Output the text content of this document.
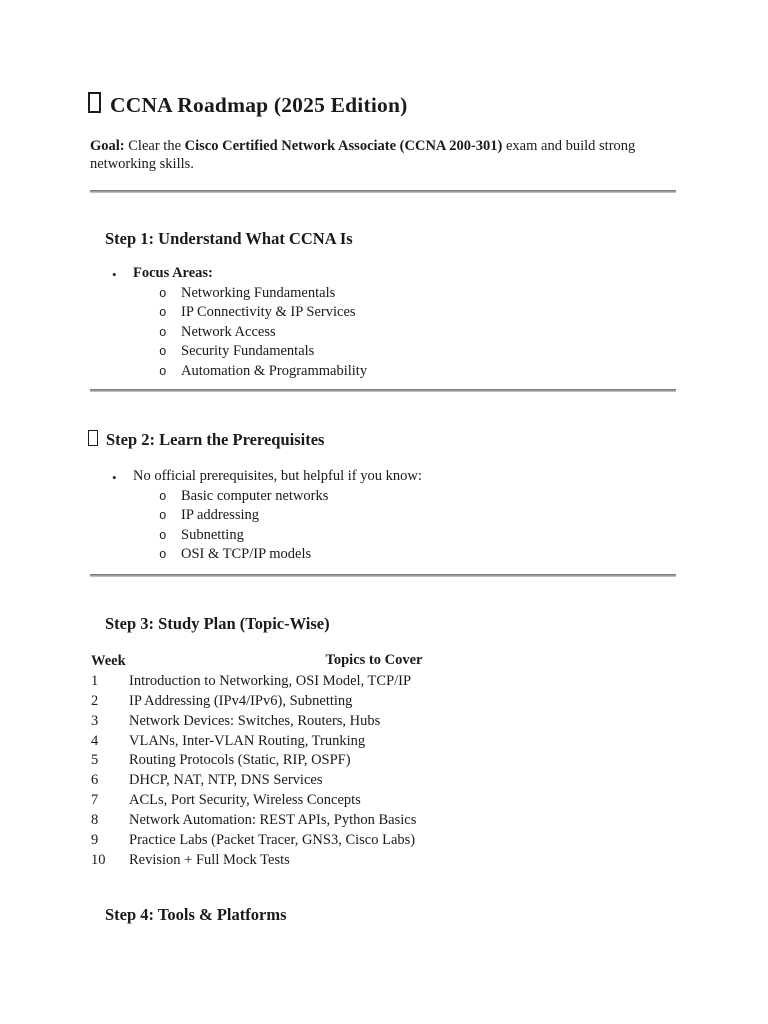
CCNA Roadmap (2025 Edition)
Goal: Clear the Cisco Certified Network Associate (CCNA 200-301) exam and build strong networking skills.
Step 1: Understand What CCNA Is
• Focus Areas:
o Networking Fundamentals
o IP Connectivity & IP Services
o Network Access
o Security Fundamentals
o Automation & Programmability
Step 2: Learn the Prerequisites
• No official prerequisites, but helpful if you know:
o Basic computer networks
o IP addressing
o Subnetting
o OSI & TCP/IP models
Step 3: Study Plan (Topic-Wise)
Week	Topics to Cover
1 Introduction to Networking, OSI Model, TCP/IP
2 IP Addressing (IPv4/IPv6), Subnetting
3 Network Devices: Switches, Routers, Hubs
4 VLANs, Inter-VLAN Routing, Trunking
5 Routing Protocols (Static, RIP, OSPF)
6 DHCP, NAT, NTP, DNS Services
7 ACLs, Port Security, Wireless Concepts
8 Network Automation: REST APIs, Python Basics
9 Practice Labs (Packet Tracer, GNS3, Cisco Labs)
10 Revision + Full Mock Tests
Step 4: Tools & Platforms
